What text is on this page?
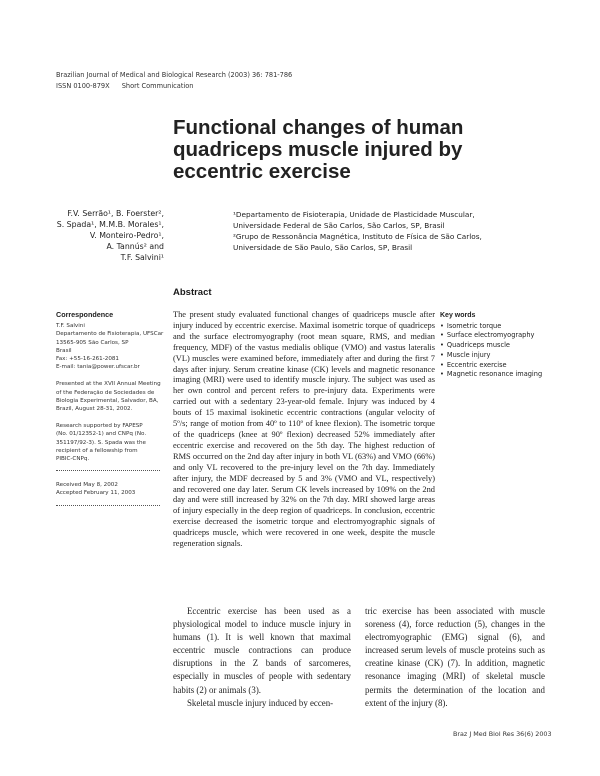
Brazilian Journal of Medical and Biological Research (2003) 36: 781-786
ISSN 0100-879X Short Communication
Functional changes of human
quadriceps muscle injured by
eccentric exercise
F.V. Serrão¹, B. Foerster²,
S. Spada¹, M.M.B. Morales¹,
V. Monteiro-Pedro¹,
A. Tannús² and
T.F. Salvini¹
¹Departamento de Fisioterapia, Unidade de Plasticidade Muscular,
Universidade Federal de São Carlos, São Carlos, SP, Brasil
²Grupo de Ressonância Magnética, Instituto de Física de São Carlos,
Universidade de São Paulo, São Carlos, SP, Brasil
Abstract
The present study evaluated functional changes of quadriceps muscle after injury induced by eccentric exercise. Maximal isometric torque of quadriceps and the surface electromyography (root mean square, RMS, and median frequency, MDF) of the vastus medialis oblique (VMO) and vastus lateralis (VL) muscles were examined before, immediately after and during the first 7 days after injury. Serum creatine kinase (CK) levels and magnetic resonance imaging (MRI) were used to identify muscle injury. The subject was used as her own control and percent refers to pre-injury data. Experiments were carried out with a sedentary 23-year-old female. Injury was induced by 4 bouts of 15 maximal isokinetic eccentric contractions (angular velocity of 5º/s; range of motion from 40º to 110º of knee flexion). The isometric torque of the quadriceps (knee at 90º flexion) decreased 52% immediately after eccentric exercise and recovered on the 5th day. The highest reduction of RMS occurred on the 2nd day after injury in both VL (63%) and VMO (66%) and only VL recovered to the pre-injury level on the 7th day. Immediately after injury, the MDF decreased by 5 and 3% (VMO and VL, respectively) and recovered one day later. Serum CK levels increased by 109% on the 2nd day and were still increased by 32% on the 7th day. MRI showed large areas of injury especially in the deep region of quadriceps. In conclusion, eccentric exercise decreased the isometric torque and electromyographic signals of quadriceps muscle, which were recovered in one week, despite the muscle regeneration signals.
Correspondence
T.F. Salvini
Departamento de Fisioterapia, UFSCar
13565-905 São Carlos, SP
Brasil
Fax: +55-16-261-2081
E-mail: tania@power.ufscar.br
Presented at the XVII Annual Meeting
of the Federação de Sociedades de
Biologia Experimental, Salvador, BA,
Brazil, August 28-31, 2002.
Research supported by FAPESP
(No. 01/12352-1) and CNPq (No.
351197/92-3). S. Spada was the
recipient of a fellowship from
PIBIC-CNPq.
Received May 8, 2002
Accepted February 11, 2003
Key words
• Isometric torque
• Surface electromyography
• Quadriceps muscle
• Muscle injury
• Eccentric exercise
• Magnetic resonance imaging

Eccentric exercise has been used as a physiological model to induce muscle injury in humans (1). It is well known that maximal eccentric muscle contractions can produce disruptions in the Z bands of sarcomeres, especially in muscles of people with sedentary habits (2) or animals (3).

Skeletal muscle injury induced by eccen-

tric exercise has been associated with muscle soreness (4), force reduction (5), changes in the electromyographic (EMG) signal (6), and increased serum levels of muscle proteins such as creatine kinase (CK) (7). In addition, magnetic resonance imaging (MRI) of skeletal muscle permits the determination of the location and extent of the injury (8).

Braz J Med Biol Res 36(6) 2003
